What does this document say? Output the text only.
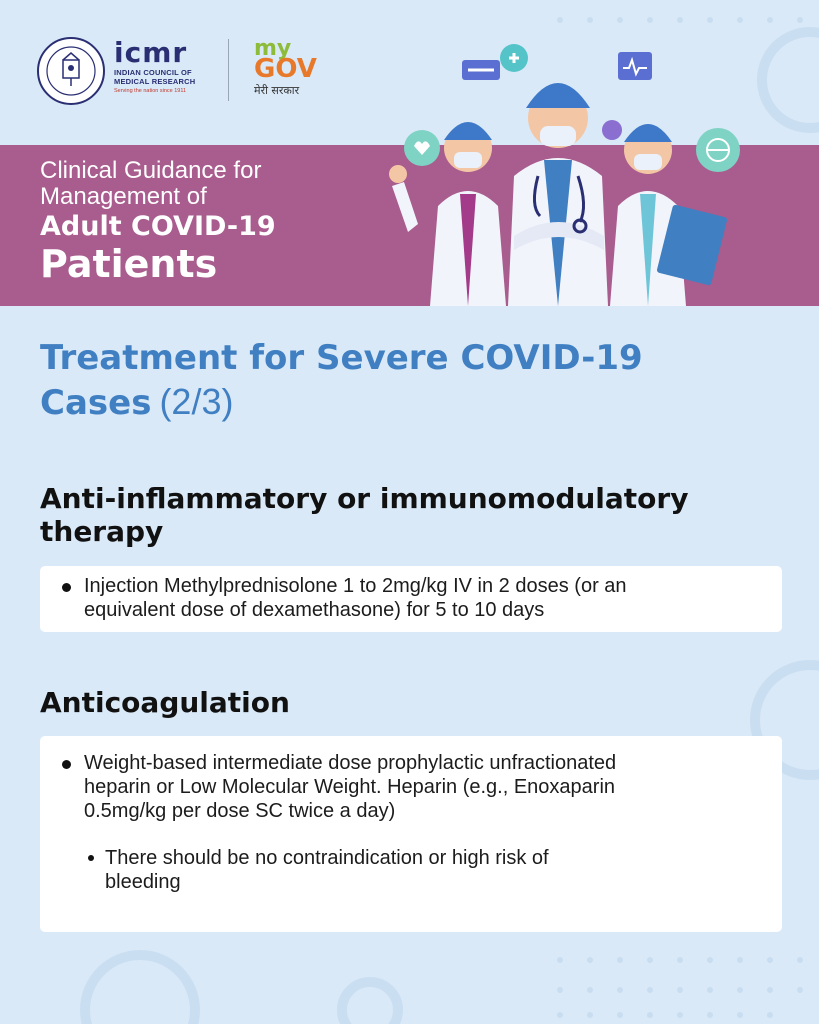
icmr
INDIAN COUNCIL OF
MEDICAL RESEARCH
Serving the nation since 1911
my
GOV
मेरी सरकार
Clinical Guidance for
Management of
Adult COVID-19
Patients
Treatment for Severe COVID-19
Cases (2/3)
Anti-inflammatory or immunomodulatory
therapy
Injection Methylprednisolone 1 to 2mg/kg IV in 2 doses (or an
equivalent dose of dexamethasone) for 5 to 10 days
Anticoagulation
Weight-based intermediate dose prophylactic unfractionated
heparin or Low Molecular Weight. Heparin (e.g., Enoxaparin
0.5mg/kg per dose SC twice a day)
There should be no contraindication or high risk of
bleeding
